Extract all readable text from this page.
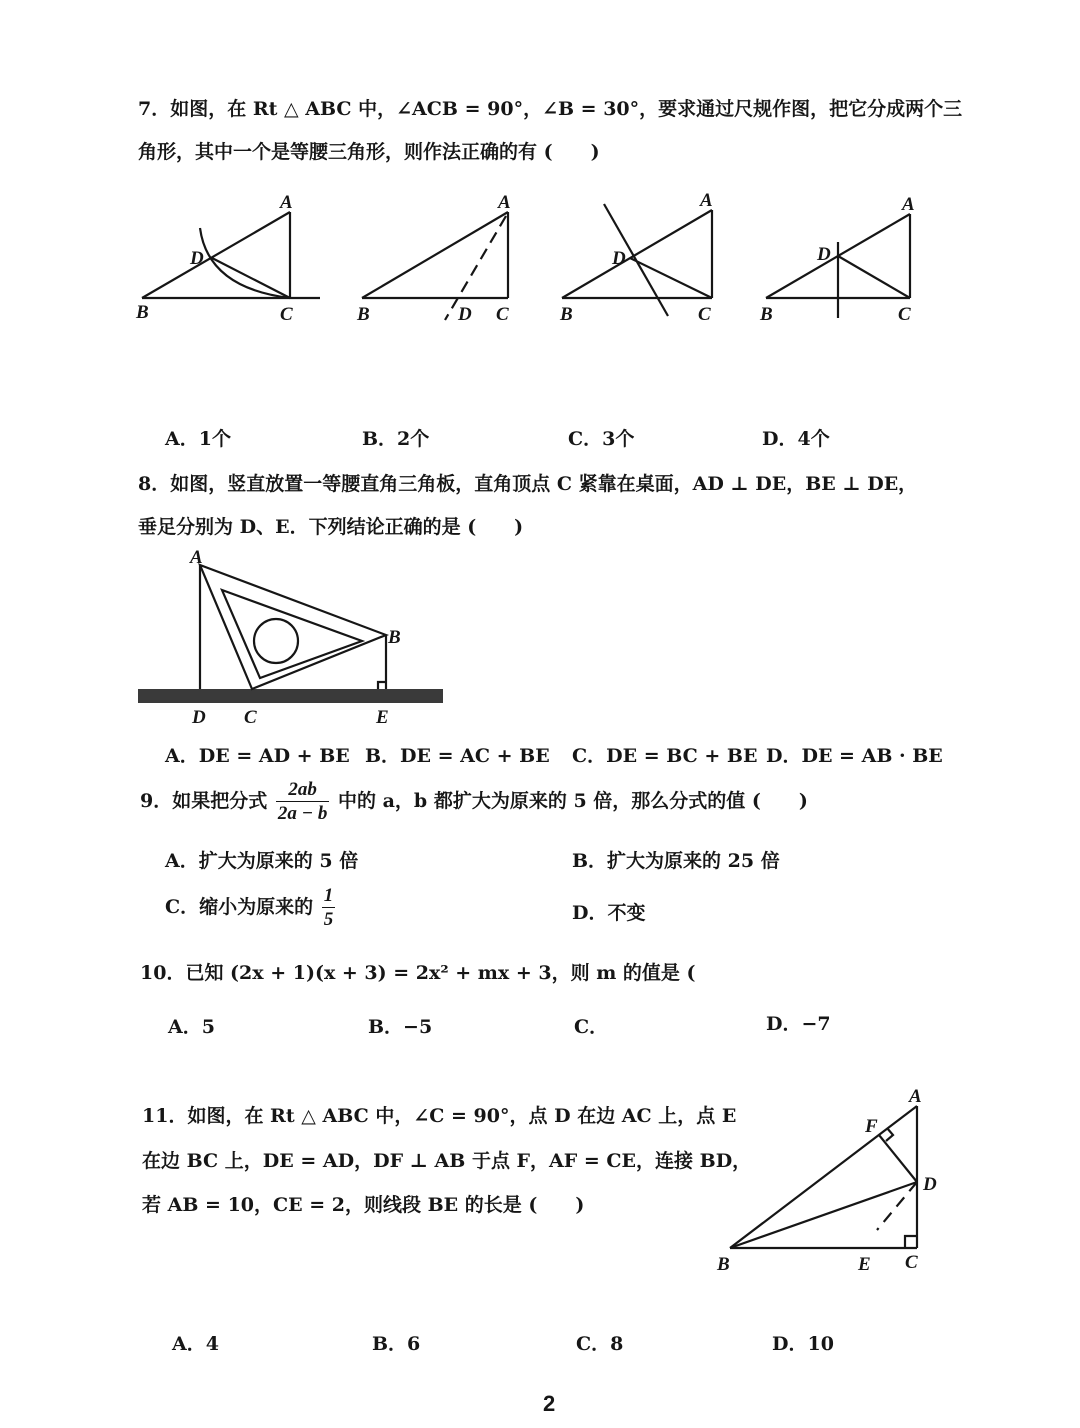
7．如图，在 Rt △ ABC 中，∠ACB = 90°，∠B = 30°，要求通过尺规作图，把它分成两个三
角形，其中一个是等腰三角形，则作法正确的有 (　　)
A
B	C
D
A
B	C
D
A
B	C
D
A
B	C
D
A．1个	B．2个	C．3个	D．4个
8．如图，竖直放置一等腰直角三角板，直角顶点 C 紧靠在桌面，AD ⊥ DE，BE ⊥ DE，
垂足分别为 D、E．下列结论正确的是 (　　)
A
B
C
D	E
A．DE = AD + BE B．DE = AC + BE C．DE = BC + BE D．DE = AB · BE
9．如果把分式 $\frac{2ab}{2a - b}$ 中的 a，b 都扩大为原来的 5 倍，那么分式的值 (　　)
A．扩大为原来的 5 倍	B．扩大为原来的 25 倍
C．缩小为原来的 $\frac{1}{5}$	D．不变
10．已知 (2x + 1)(x + 3) = 2x² + mx + 3，则 m 的值是 (
A．5	B．−5	C．	D．−7
11．如图，在 Rt △ ABC 中，∠C = 90°，点 D 在边 AC 上，点 E
在边 BC 上，DE = AD，DF ⊥ AB 于点 F，AF = CE，连接 BD，
若 AB = 10，CE = 2，则线段 BE 的长是 (　　)
A
B	C
D
E
F
A．4	B．6	C．8	D．10
2
